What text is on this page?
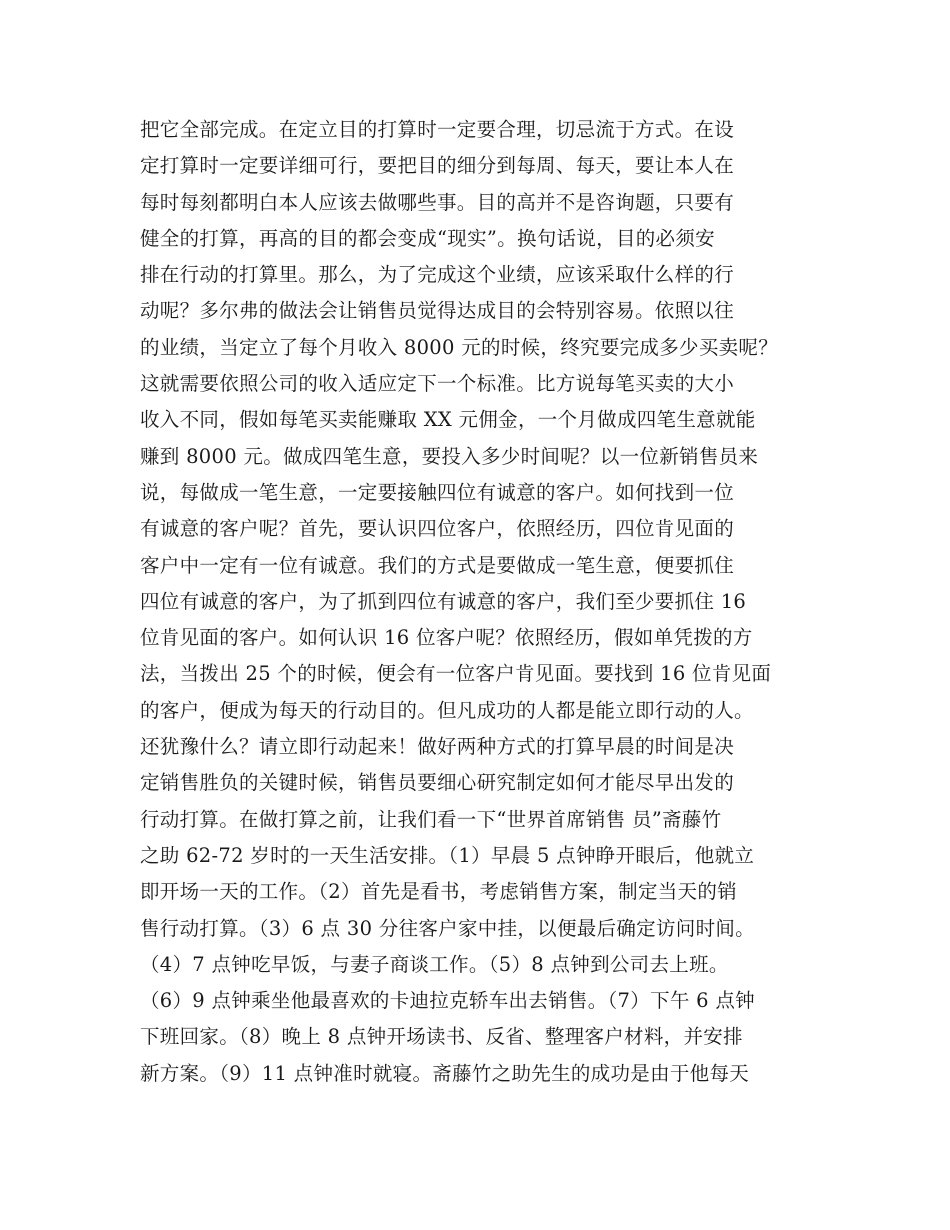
把它全部完成。在定立目的打算时一定要合理，切忌流于方式。在设
定打算时一定要详细可行，要把目的细分到每周、每天，要让本人在
每时每刻都明白本人应该去做哪些事。目的高并不是咨询题，只要有
健全的打算，再高的目的都会变成“现实”。换句话说，目的必须安
排在行动的打算里。那么，为了完成这个业绩，应该采取什么样的行
动呢？多尔弗的做法会让销售员觉得达成目的会特别容易。依照以往
的业绩，当定立了每个月收入 8000 元的时候，终究要完成多少买卖呢？
这就需要依照公司的收入适应定下一个标准。比方说每笔买卖的大小
收入不同，假如每笔买卖能赚取 XX 元佣金，一个月做成四笔生意就能
赚到 8000 元。做成四笔生意，要投入多少时间呢？以一位新销售员来
说，每做成一笔生意，一定要接触四位有诚意的客户。如何找到一位
有诚意的客户呢？首先，要认识四位客户，依照经历，四位肯见面的
客户中一定有一位有诚意。我们的方式是要做成一笔生意，便要抓住
四位有诚意的客户，为了抓到四位有诚意的客户，我们至少要抓住 16
位肯见面的客户。如何认识 16 位客户呢？依照经历，假如单凭拨的方
法，当拨出 25 个的时候，便会有一位客户肯见面。要找到 16 位肯见面
的客户，便成为每天的行动目的。但凡成功的人都是能立即行动的人。
还犹豫什么？请立即行动起来！做好两种方式的打算早晨的时间是决
定销售胜负的关键时候，销售员要细心研究制定如何才能尽早出发的
行动打算。在做打算之前，让我们看一下“世界首席销售 员”斋藤竹
之助 62-72 岁时的一天生活安排。（1）早晨 5 点钟睁开眼后，他就立
即开场一天的工作。（2）首先是看书，考虑销售方案，制定当天的销
售行动打算。（3）6 点 30 分往客户家中挂，以便最后确定访问时间。
（4）7 点钟吃早饭，与妻子商谈工作。（5）8 点钟到公司去上班。
（6）9 点钟乘坐他最喜欢的卡迪拉克轿车出去销售。（7）下午 6 点钟
下班回家。（8）晚上 8 点钟开场读书、反省、整理客户材料，并安排
新方案。（9）11 点钟准时就寝。斋藤竹之助先生的成功是由于他每天
